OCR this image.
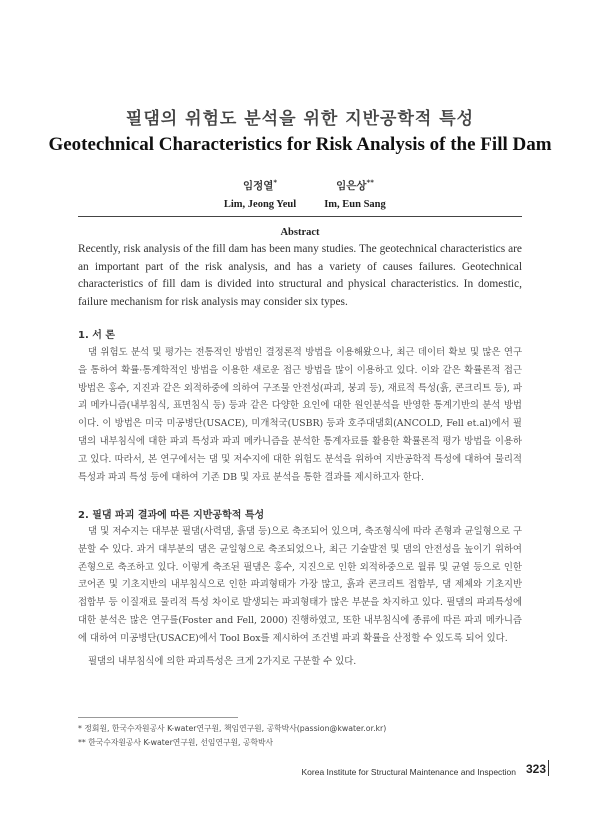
필댐의 위험도 분석을 위한 지반공학적 특성
Geotechnical Characteristics for Risk Analysis of the Fill Dam
임정열*
Lim, Jeong Yeul
임은상**
Im, Eun Sang
Abstract
Recently, risk analysis of the fill dam has been many studies. The geotechnical characteristics are an important part of the risk analysis, and has a variety of causes failures. Geotechnical characteristics of fill dam is divided into structural and physical characteristics. In domestic, failure mechanism for risk analysis may consider six types.
1. 서 론
댐 위험도 분석 및 평가는 전통적인 방법인 결정론적 방법을 이용해왔으나, 최근 데이터 확보 및 많은 연구을 통하여 확률·통계학적인 방법을 이용한 새로운 접근 방법을 많이 이용하고 있다. 이와 같은 확률론적 접근방법은 홍수, 지진과 같은 외적하중에 의하여 구조물 안전성(파괴, 붕괴 등), 재료적 특성(흙, 콘크리트 등), 파괴 메카니즘(내부침식, 표면침식 등) 등과 같은 다양한 요인에 대한 원인분석을 반영한 통계기반의 분석 방법이다. 이 방법은 미국 미공병단(USACE), 미개척국(USBR) 등과 호주대댐회(ANCOLD, Fell et.al)에서 필댐의 내부침식에 대한 파괴 특성과 파괴 메카니즘을 분석한 통계자료를 활용한 확률론적 평가 방법을 이용하고 있다. 따라서, 본 연구에서는 댐 및 저수지에 대한 위험도 분석을 위하여 지반공학적 특성에 대하여 물리적 특성과 파괴 특성 등에 대하여 기존 DB 및 자료 분석을 통한 결과를 제시하고자 한다.
2. 필댐 파괴 결과에 따른 지반공학적 특성
댐 및 저수지는 대부분 필댐(사력댐, 흙댐 등)으로 축조되어 있으며, 축조형식에 따라 존형과 균일형으로 구분할 수 있다. 과거 대부분의 댐은 균일형으로 축조되었으나, 최근 기술발전 및 댐의 안전성을 높이기 위하여 존형으로 축조하고 있다. 이렇게 축조된 필댐은 홍수, 지진으로 인한 외적하중으로 월류 및 균열 등으로 인한 코어존 및 기초지반의 내부침식으로 인한 파괴형태가 가장 많고, 흙과 콘크리트 접합부, 댐 제체와 기초지반 접합부 등 이질재료 물리적 특성 차이로 발생되는 파괴형태가 많은 부분을 차지하고 있다. 필댐의 파괴특성에 대한 분석은 많은 연구를(Foster and Fell, 2000) 진행하였고, 또한 내부침식에 종류에 따른 파괴 메카니즘에 대하여 미공병단(USACE)에서 Tool Box를 제시하여 조건별 파괴 확률을 산정할 수 있도록 되어 있다.
필댐의 내부침식에 의한 파괴특성은 크게 2가지로 구분할 수 있다.
* 정회원, 한국수자원공사 K-water연구원, 책임연구원, 공학박사(passion@kwater.or.kr)
** 한국수자원공사 K-water연구원, 선임연구원, 공학박사
Korea Institute for Structural Maintenance and Inspection 323
